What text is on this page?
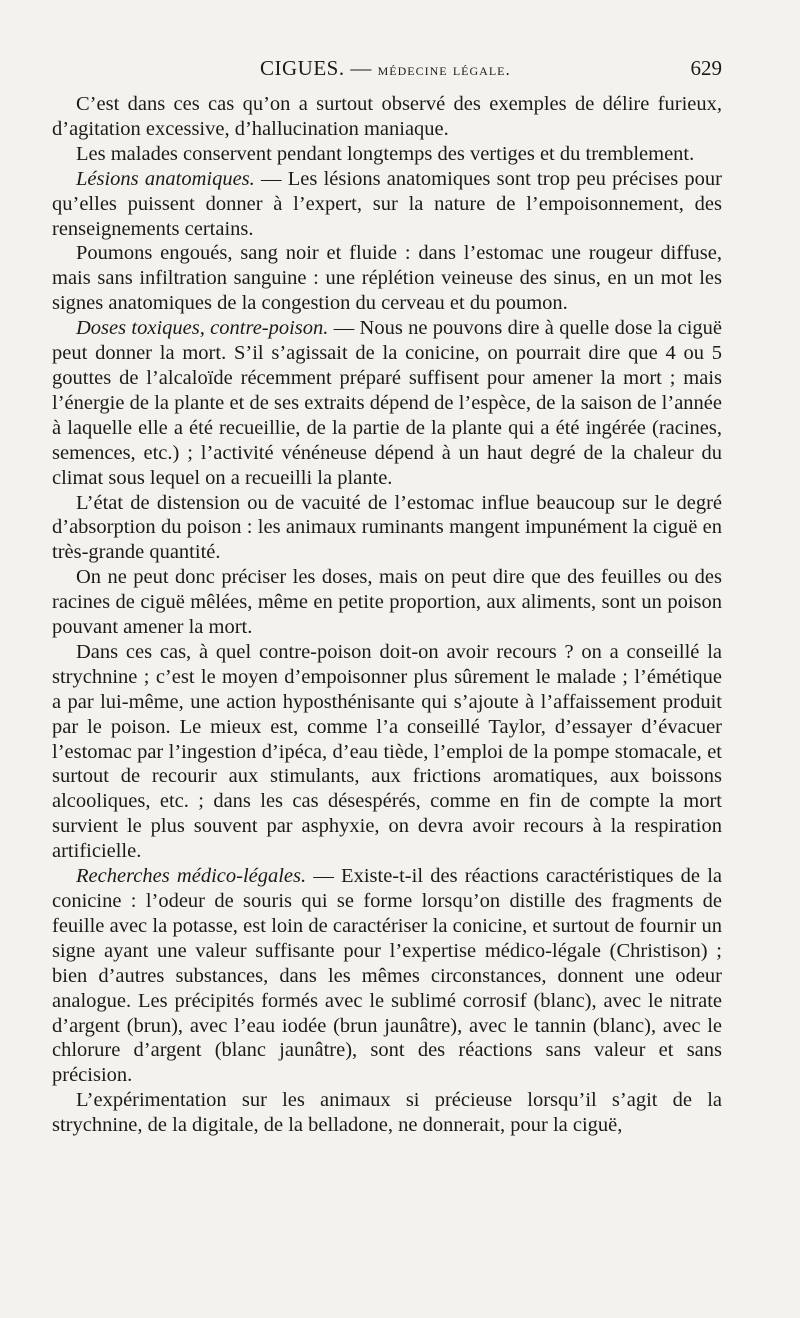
CIGUES. — médecine légale.	629

C’est dans ces cas qu’on a surtout observé des exemples de délire furieux, d’agitation excessive, d’hallucination maniaque.

Les malades conservent pendant longtemps des vertiges et du tremblement.

Lésions anatomiques. — Les lésions anatomiques sont trop peu précises pour qu’elles puissent donner à l’expert, sur la nature de l’empoisonnement, des renseignements certains.

Poumons engoués, sang noir et fluide : dans l’estomac une rougeur diffuse, mais sans infiltration sanguine : une réplétion veineuse des sinus, en un mot les signes anatomiques de la congestion du cerveau et du poumon.

Doses toxiques, contre-poison. — Nous ne pouvons dire à quelle dose la ciguë peut donner la mort. S’il s’agissait de la conicine, on pourrait dire que 4 ou 5 gouttes de l’alcaloïde récemment préparé suffisent pour amener la mort ; mais l’énergie de la plante et de ses extraits dépend de l’espèce, de la saison de l’année à laquelle elle a été recueillie, de la partie de la plante qui a été ingérée (racines, semences, etc.) ; l’activité vénéneuse dépend à un haut degré de la chaleur du climat sous lequel on a recueilli la plante.

L’état de distension ou de vacuité de l’estomac influe beaucoup sur le degré d’absorption du poison : les animaux ruminants mangent impunément la ciguë en très-grande quantité.

On ne peut donc préciser les doses, mais on peut dire que des feuilles ou des racines de ciguë mêlées, même en petite proportion, aux aliments, sont un poison pouvant amener la mort.

Dans ces cas, à quel contre-poison doit-on avoir recours ? on a conseillé la strychnine ; c’est le moyen d’empoisonner plus sûrement le malade ; l’émétique a par lui-même, une action hyposthénisante qui s’ajoute à l’affaissement produit par le poison. Le mieux est, comme l’a conseillé Taylor, d’essayer d’évacuer l’estomac par l’ingestion d’ipéca, d’eau tiède, l’emploi de la pompe stomacale, et surtout de recourir aux stimulants, aux frictions aromatiques, aux boissons alcooliques, etc. ; dans les cas désespérés, comme en fin de compte la mort survient le plus souvent par asphyxie, on devra avoir recours à la respiration artificielle.

Recherches médico-légales. — Existe-t-il des réactions caractéristiques de la conicine : l’odeur de souris qui se forme lorsqu’on distille des fragments de feuille avec la potasse, est loin de caractériser la conicine, et surtout de fournir un signe ayant une valeur suffisante pour l’expertise médico-légale (Christison) ; bien d’autres substances, dans les mêmes circonstances, donnent une odeur analogue. Les précipités formés avec le sublimé corrosif (blanc), avec le nitrate d’argent (brun), avec l’eau iodée (brun jaunâtre), avec le tannin (blanc), avec le chlorure d’argent (blanc jaunâtre), sont des réactions sans valeur et sans précision.

L’expérimentation sur les animaux si précieuse lorsqu’il s’agit de la strychnine, de la digitale, de la belladone, ne donnerait, pour la ciguë,
